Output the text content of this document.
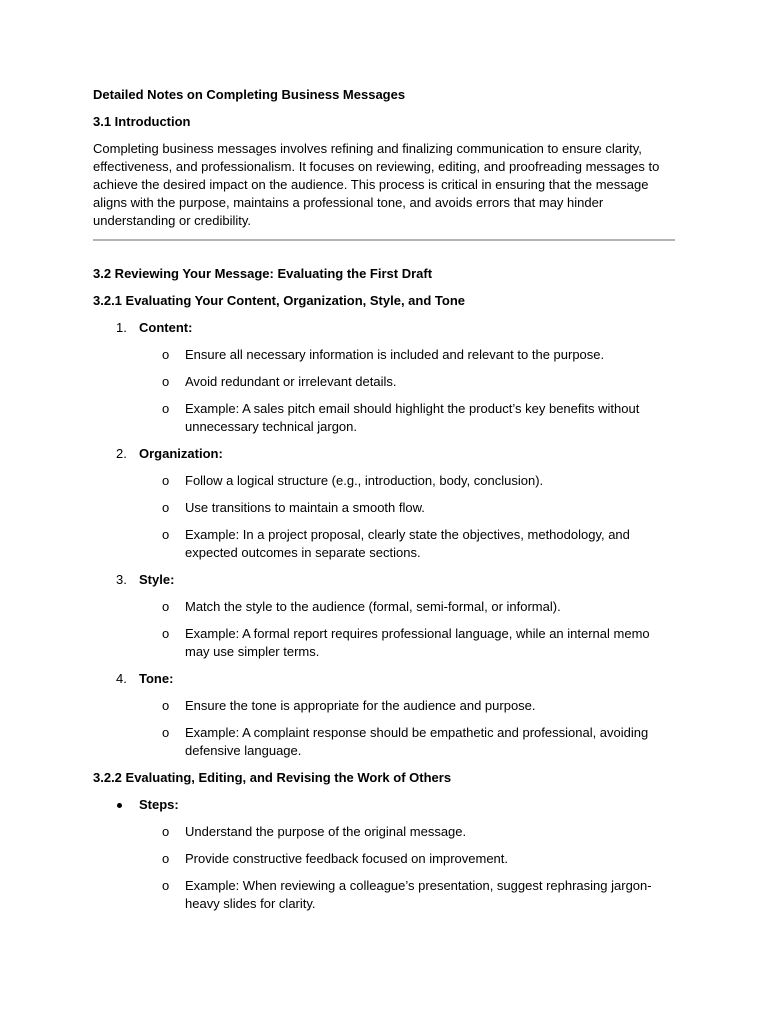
Detailed Notes on Completing Business Messages
3.1 Introduction

Completing business messages involves refining and finalizing communication to ensure clarity, effectiveness, and professionalism. It focuses on reviewing, editing, and proofreading messages to achieve the desired impact on the audience. This process is critical in ensuring that the message aligns with the purpose, maintains a professional tone, and avoids errors that may hinder understanding or credibility.

3.2 Reviewing Your Message: Evaluating the First Draft
3.2.1 Evaluating Your Content, Organization, Style, and Tone
1. Content:
o Ensure all necessary information is included and relevant to the purpose.
o Avoid redundant or irrelevant details.
o Example: A sales pitch email should highlight the product’s key benefits without unnecessary technical jargon.
2. Organization:
o Follow a logical structure (e.g., introduction, body, conclusion).
o Use transitions to maintain a smooth flow.
o Example: In a project proposal, clearly state the objectives, methodology, and expected outcomes in separate sections.
3. Style:
o Match the style to the audience (formal, semi-formal, or informal).
o Example: A formal report requires professional language, while an internal memo may use simpler terms.
4. Tone:
o Ensure the tone is appropriate for the audience and purpose.
o Example: A complaint response should be empathetic and professional, avoiding defensive language.
3.2.2 Evaluating, Editing, and Revising the Work of Others
Steps:
o Understand the purpose of the original message.
o Provide constructive feedback focused on improvement.
o Example: When reviewing a colleague’s presentation, suggest rephrasing jargon-heavy slides for clarity.
